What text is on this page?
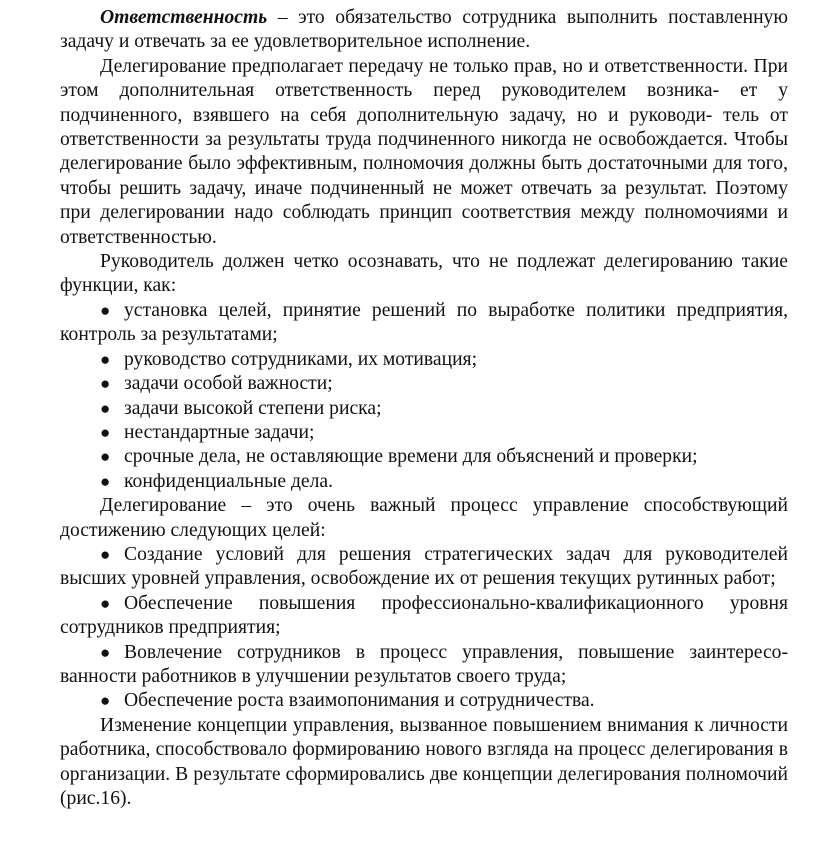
Ответственность – это обязательство сотрудника выполнить поставленную задачу и отвечать за ее удовлетворительное исполнение.

Делегирование предполагает передачу не только прав, но и ответственности. При этом дополнительная ответственность перед руководителем возника- ет у подчиненного, взявшего на себя дополнительную задачу, но и руководи- тель от ответственности за результаты труда подчиненного никогда не освобождается. Чтобы делегирование было эффективным, полномочия должны быть достаточными для того, чтобы решить задачу, иначе подчиненный не может отвечать за результат. Поэтому при делегировании надо соблюдать принцип соответствия между полномочиями и ответственностью.

Руководитель должен четко осознавать, что не подлежат делегированию такие функции, как:

● установка целей, принятие решений по выработке политики предприятия, контроль за результатами;
● руководство сотрудниками, их мотивация;
● задачи особой важности;
● задачи высокой степени риска;
● нестандартные задачи;
● срочные дела, не оставляющие времени для объяснений и проверки;
● конфиденциальные дела.

Делегирование – это очень важный процесс управление способствующий достижению следующих целей:

● Создание условий для решения стратегических задач для руководителей высших уровней управления, освобождение их от решения текущих рутинных работ;
● Обеспечение повышения профессионально-квалификационного уровня сотрудников предприятия;
● Вовлечение сотрудников в процесс управления, повышение заинтересованности работников в улучшении результатов своего труда;
● Обеспечение роста взаимопонимания и сотрудничества.

Изменение концепции управления, вызванное повышением внимания к личности работника, способствовало формированию нового взгляда на процесс делегирования в организации. В результате сформировались две концепции делегирования полномочий (рис.16).
